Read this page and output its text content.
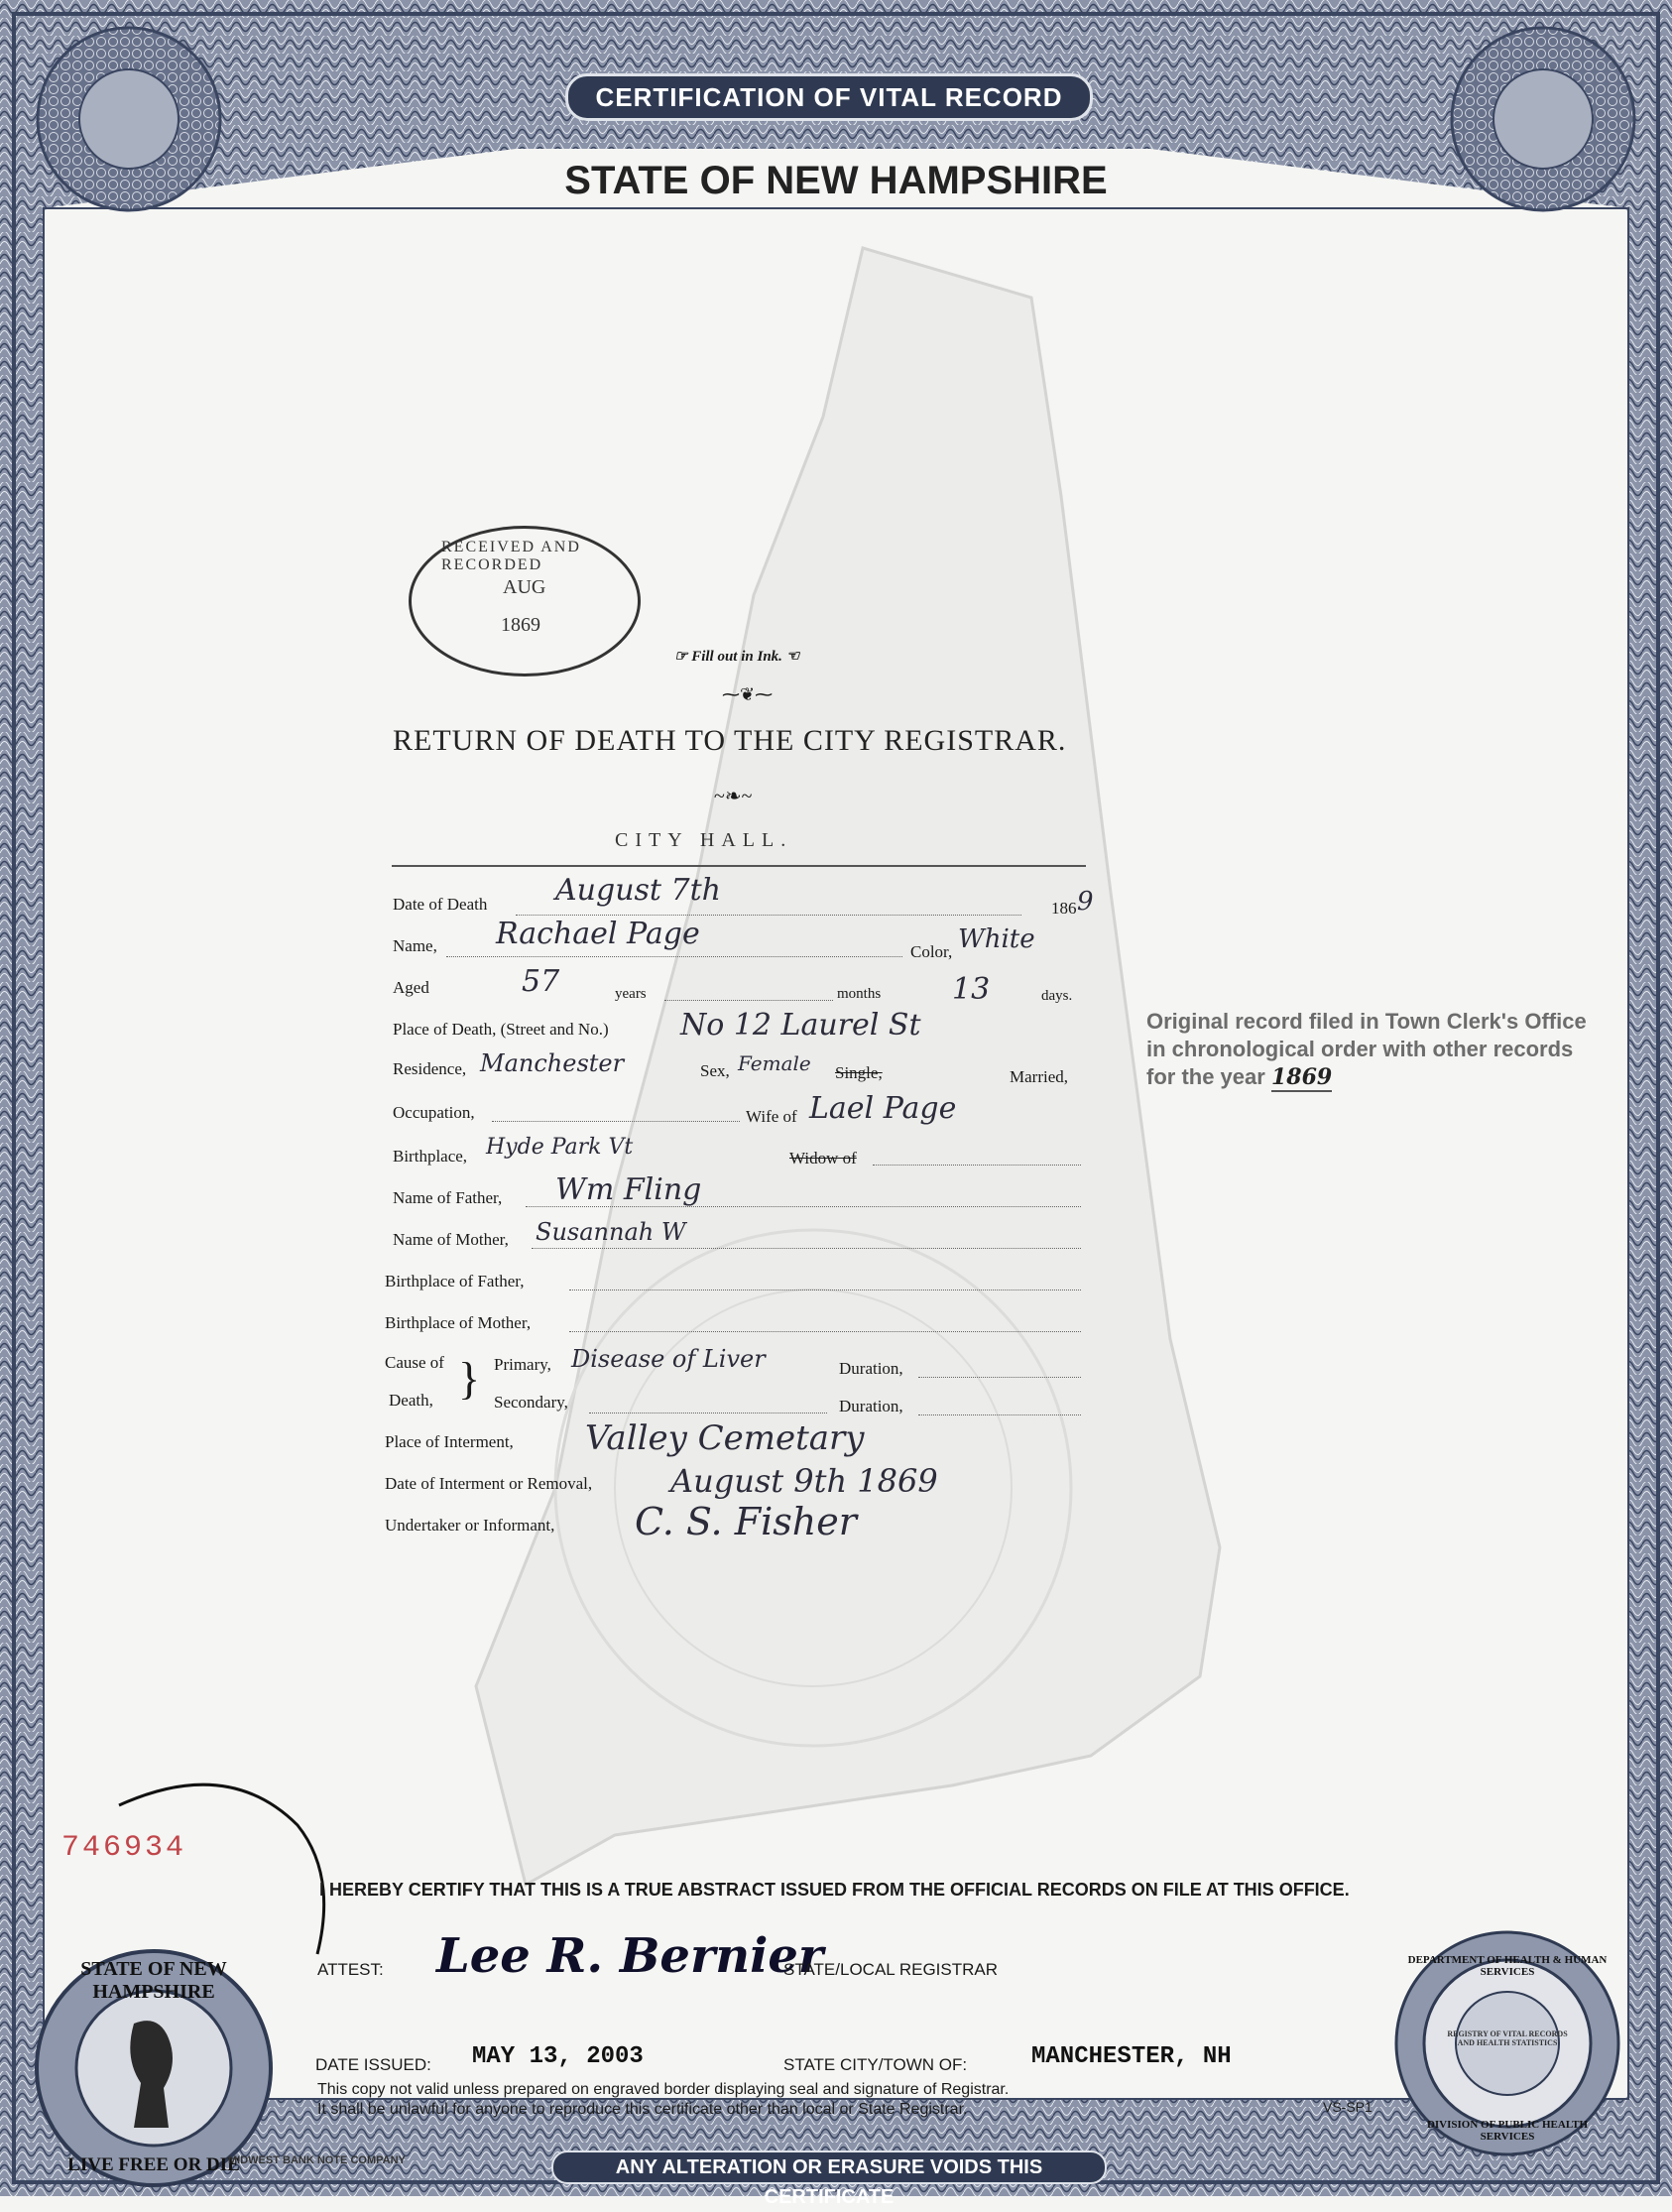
CERTIFICATION OF VITAL RECORD
STATE OF NEW HAMPSHIRE
RECEIVED AND RECORDED
AUG
1869
☞ Fill out in Ink. ☜
⁓❦⁓
RETURN OF DEATH TO THE CITY REGISTRAR.
~❧~
CITY HALL.
Date of Death August 7th
186 9
Name, Rachael Page
Color, White
Aged	57	years	months 13	days.
Place of Death, (Street and No.) No 12 Laurel St
Residence, Manchester	Sex, Female Single,	Married,
Occupation,	Wife of Lael Page
Birthplace, Hyde Park Vt	Widow of
Name of Father, Wm Fling
Name of Mother, Susannah W
Birthplace of Father,
Birthplace of Mother,
Cause of
Death, } Primary, Disease of Liver	Duration,
Secondary,	Duration,
Place of Interment, Valley Cemetary
Date of Interment or Removal, August 9th 1869
Undertaker or Informant, C. S. Fisher
Original record filed in Town Clerk's Office in chronological order with other records for the year 1869
746934
I HEREBY CERTIFY THAT THIS IS A TRUE ABSTRACT ISSUED FROM THE OFFICIAL RECORDS ON FILE AT THIS OFFICE.
ATTEST: Lee R. Bernier
STATE/LOCAL REGISTRAR
DATE ISSUED: MAY 13, 2003	STATE CITY/TOWN OF:	MANCHESTER, NH
This copy not valid unless prepared on engraved border displaying seal and signature of Registrar.
It shall be unlawful for anyone to reproduce this certificate other than local or State Registrar.	VS-SP1
STATE OF NEW HAMPSHIRE
LIVE FREE OR DIE
DEPARTMENT OF HEALTH & HUMAN SERVICES
REGISTRY OF VITAL RECORDS AND HEALTH STATISTICS
DIVISION OF PUBLIC HEALTH SERVICES
MIDWEST BANK NOTE COMPANY	ANY ALTERATION OR ERASURE VOIDS THIS CERTIFICATE
